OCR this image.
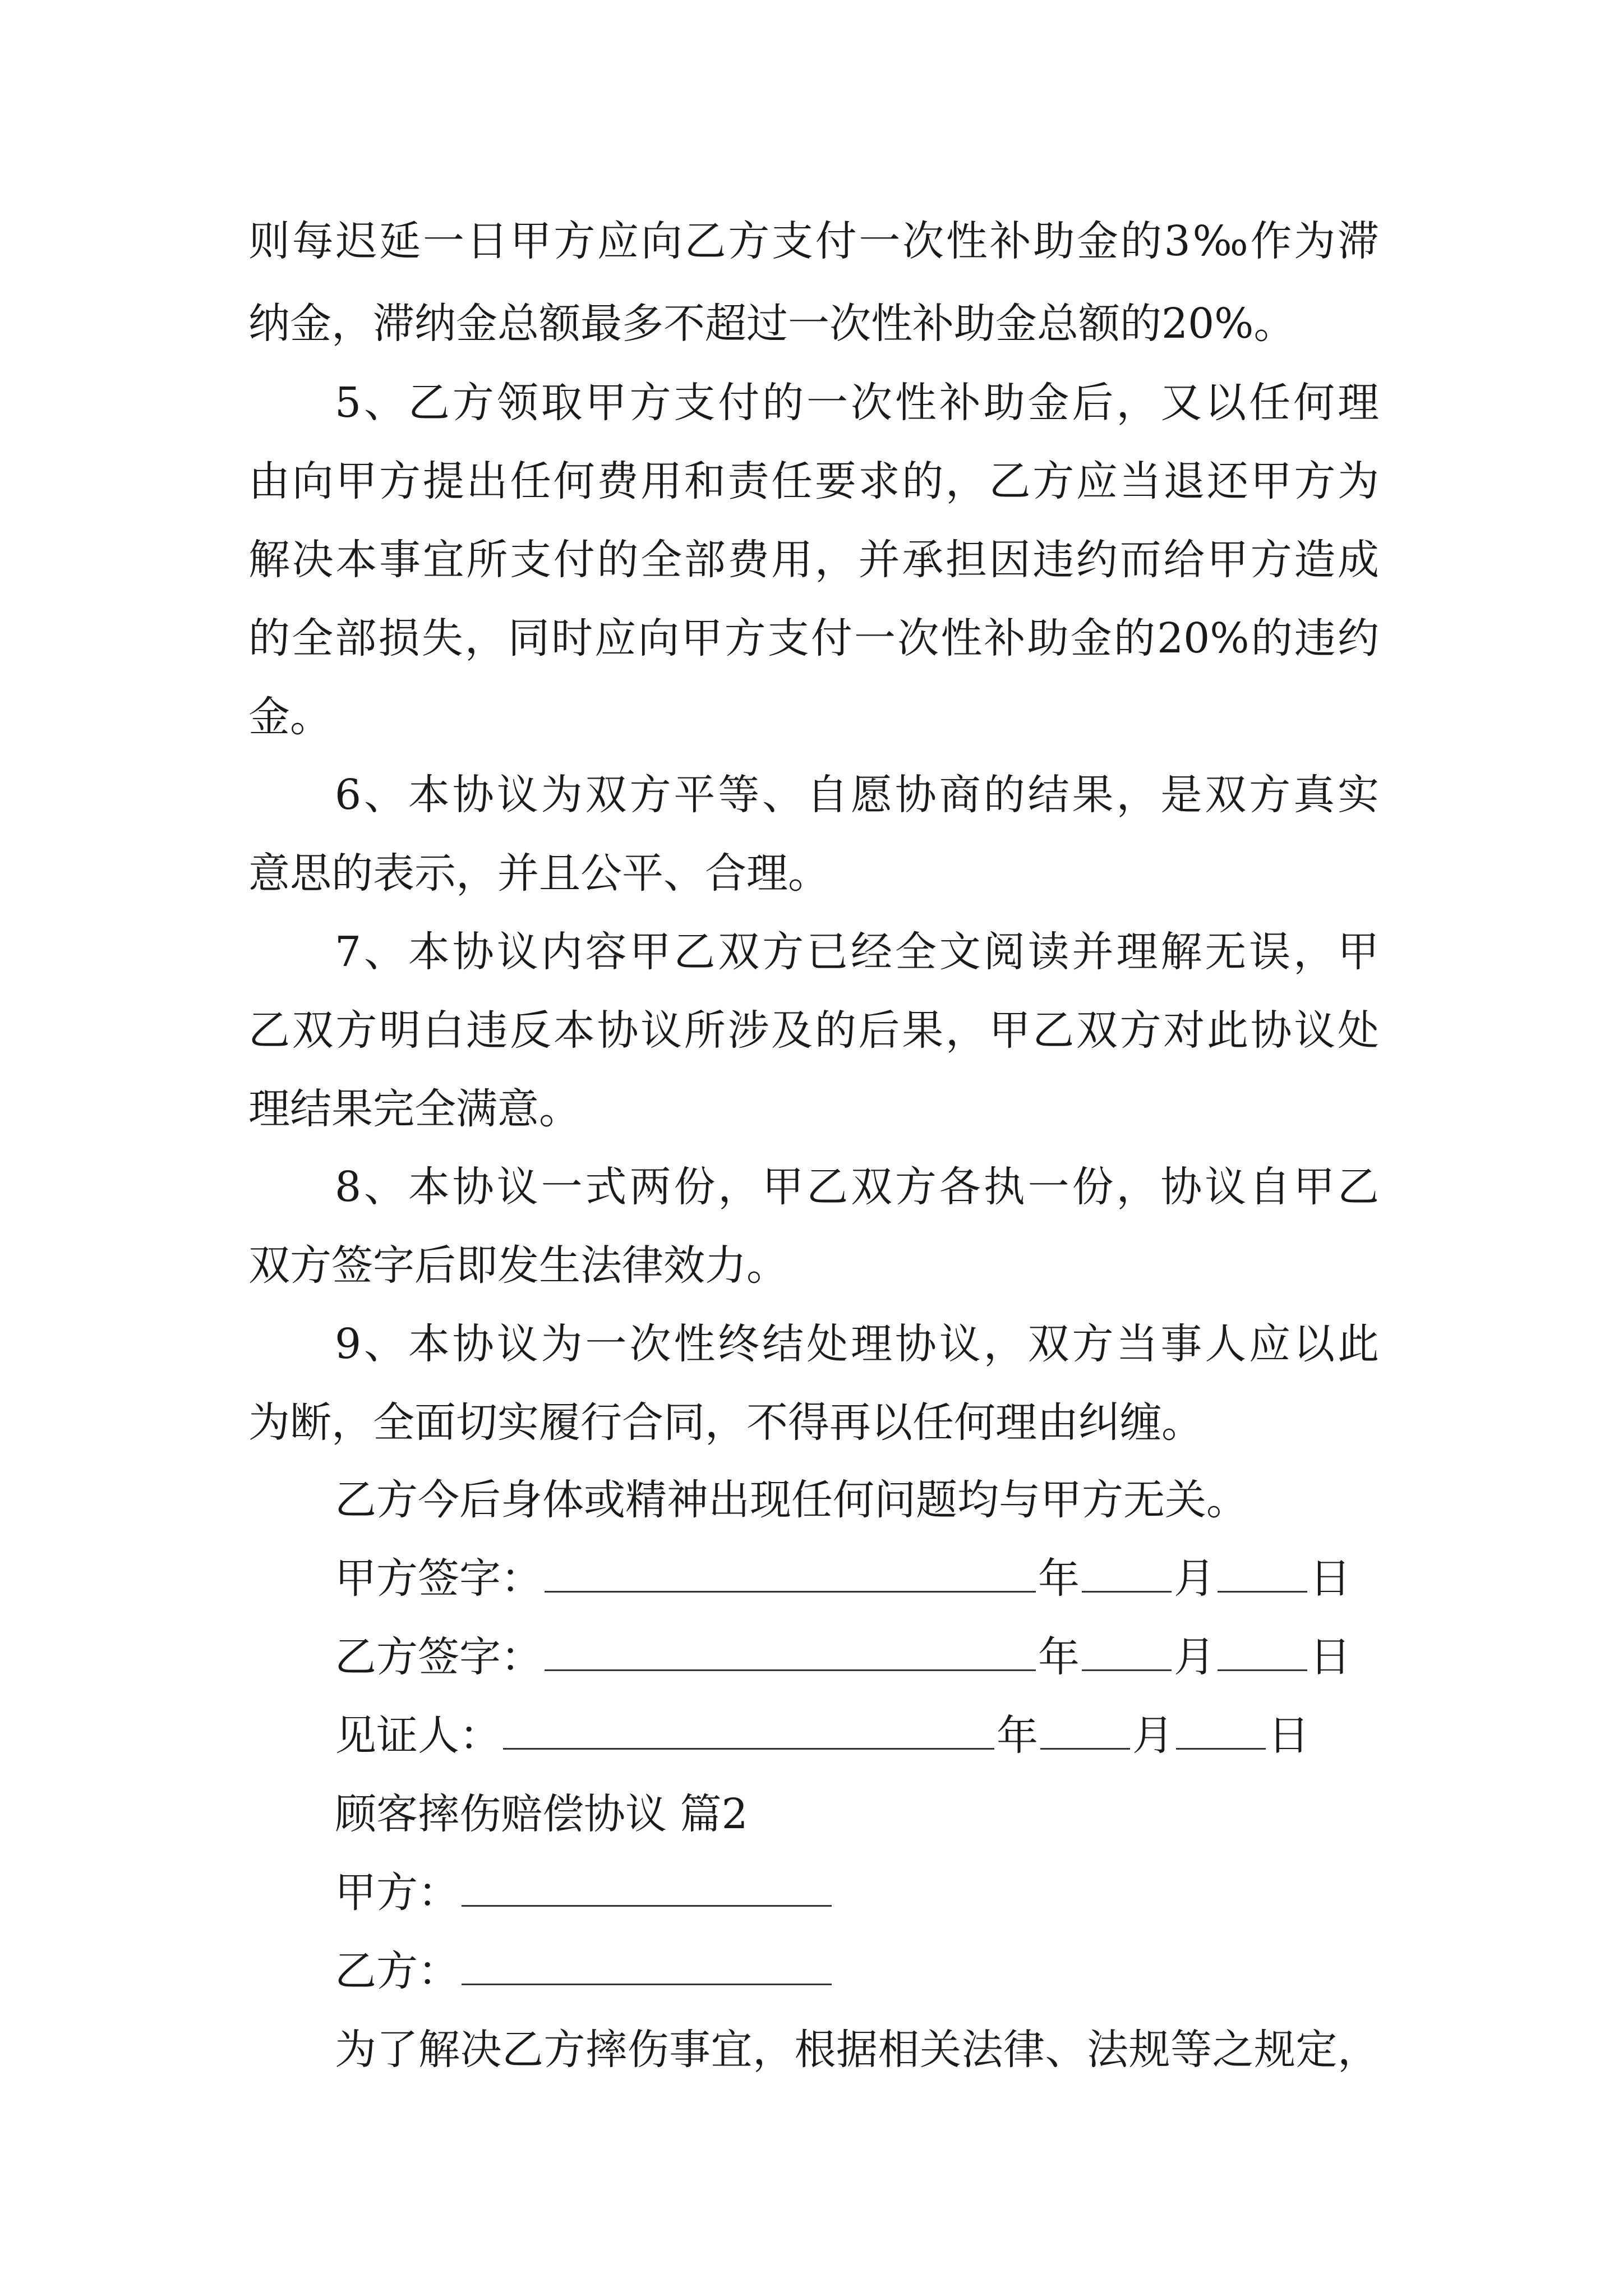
则每迟延一日甲方应向乙方支付一次性补助金的3‰作为滞
纳金，滞纳金总额最多不超过一次性补助金总额的20%。
5、乙方领取甲方支付的一次性补助金后，又以任何理
由向甲方提出任何费用和责任要求的，乙方应当退还甲方为
解决本事宜所支付的全部费用，并承担因违约而给甲方造成
的全部损失，同时应向甲方支付一次性补助金的20%的违约
金。
6、本协议为双方平等、自愿协商的结果，是双方真实
意思的表示，并且公平、合理。
7、本协议内容甲乙双方已经全文阅读并理解无误，甲
乙双方明白违反本协议所涉及的后果，甲乙双方对此协议处
理结果完全满意。
8、本协议一式两份，甲乙双方各执一份，协议自甲乙
双方签字后即发生法律效力。
9、本协议为一次性终结处理协议，双方当事人应以此
为断，全面切实履行合同，不得再以任何理由纠缠。
乙方今后身体或精神出现任何问题均与甲方无关。
甲方签字：	年 月 日
乙方签字：	年 月 日
见证人：	年 月 日
顾客摔伤赔偿协议 篇2
甲方：
乙方：
为了解决乙方摔伤事宜，根据相关法律、法规等之规定，
